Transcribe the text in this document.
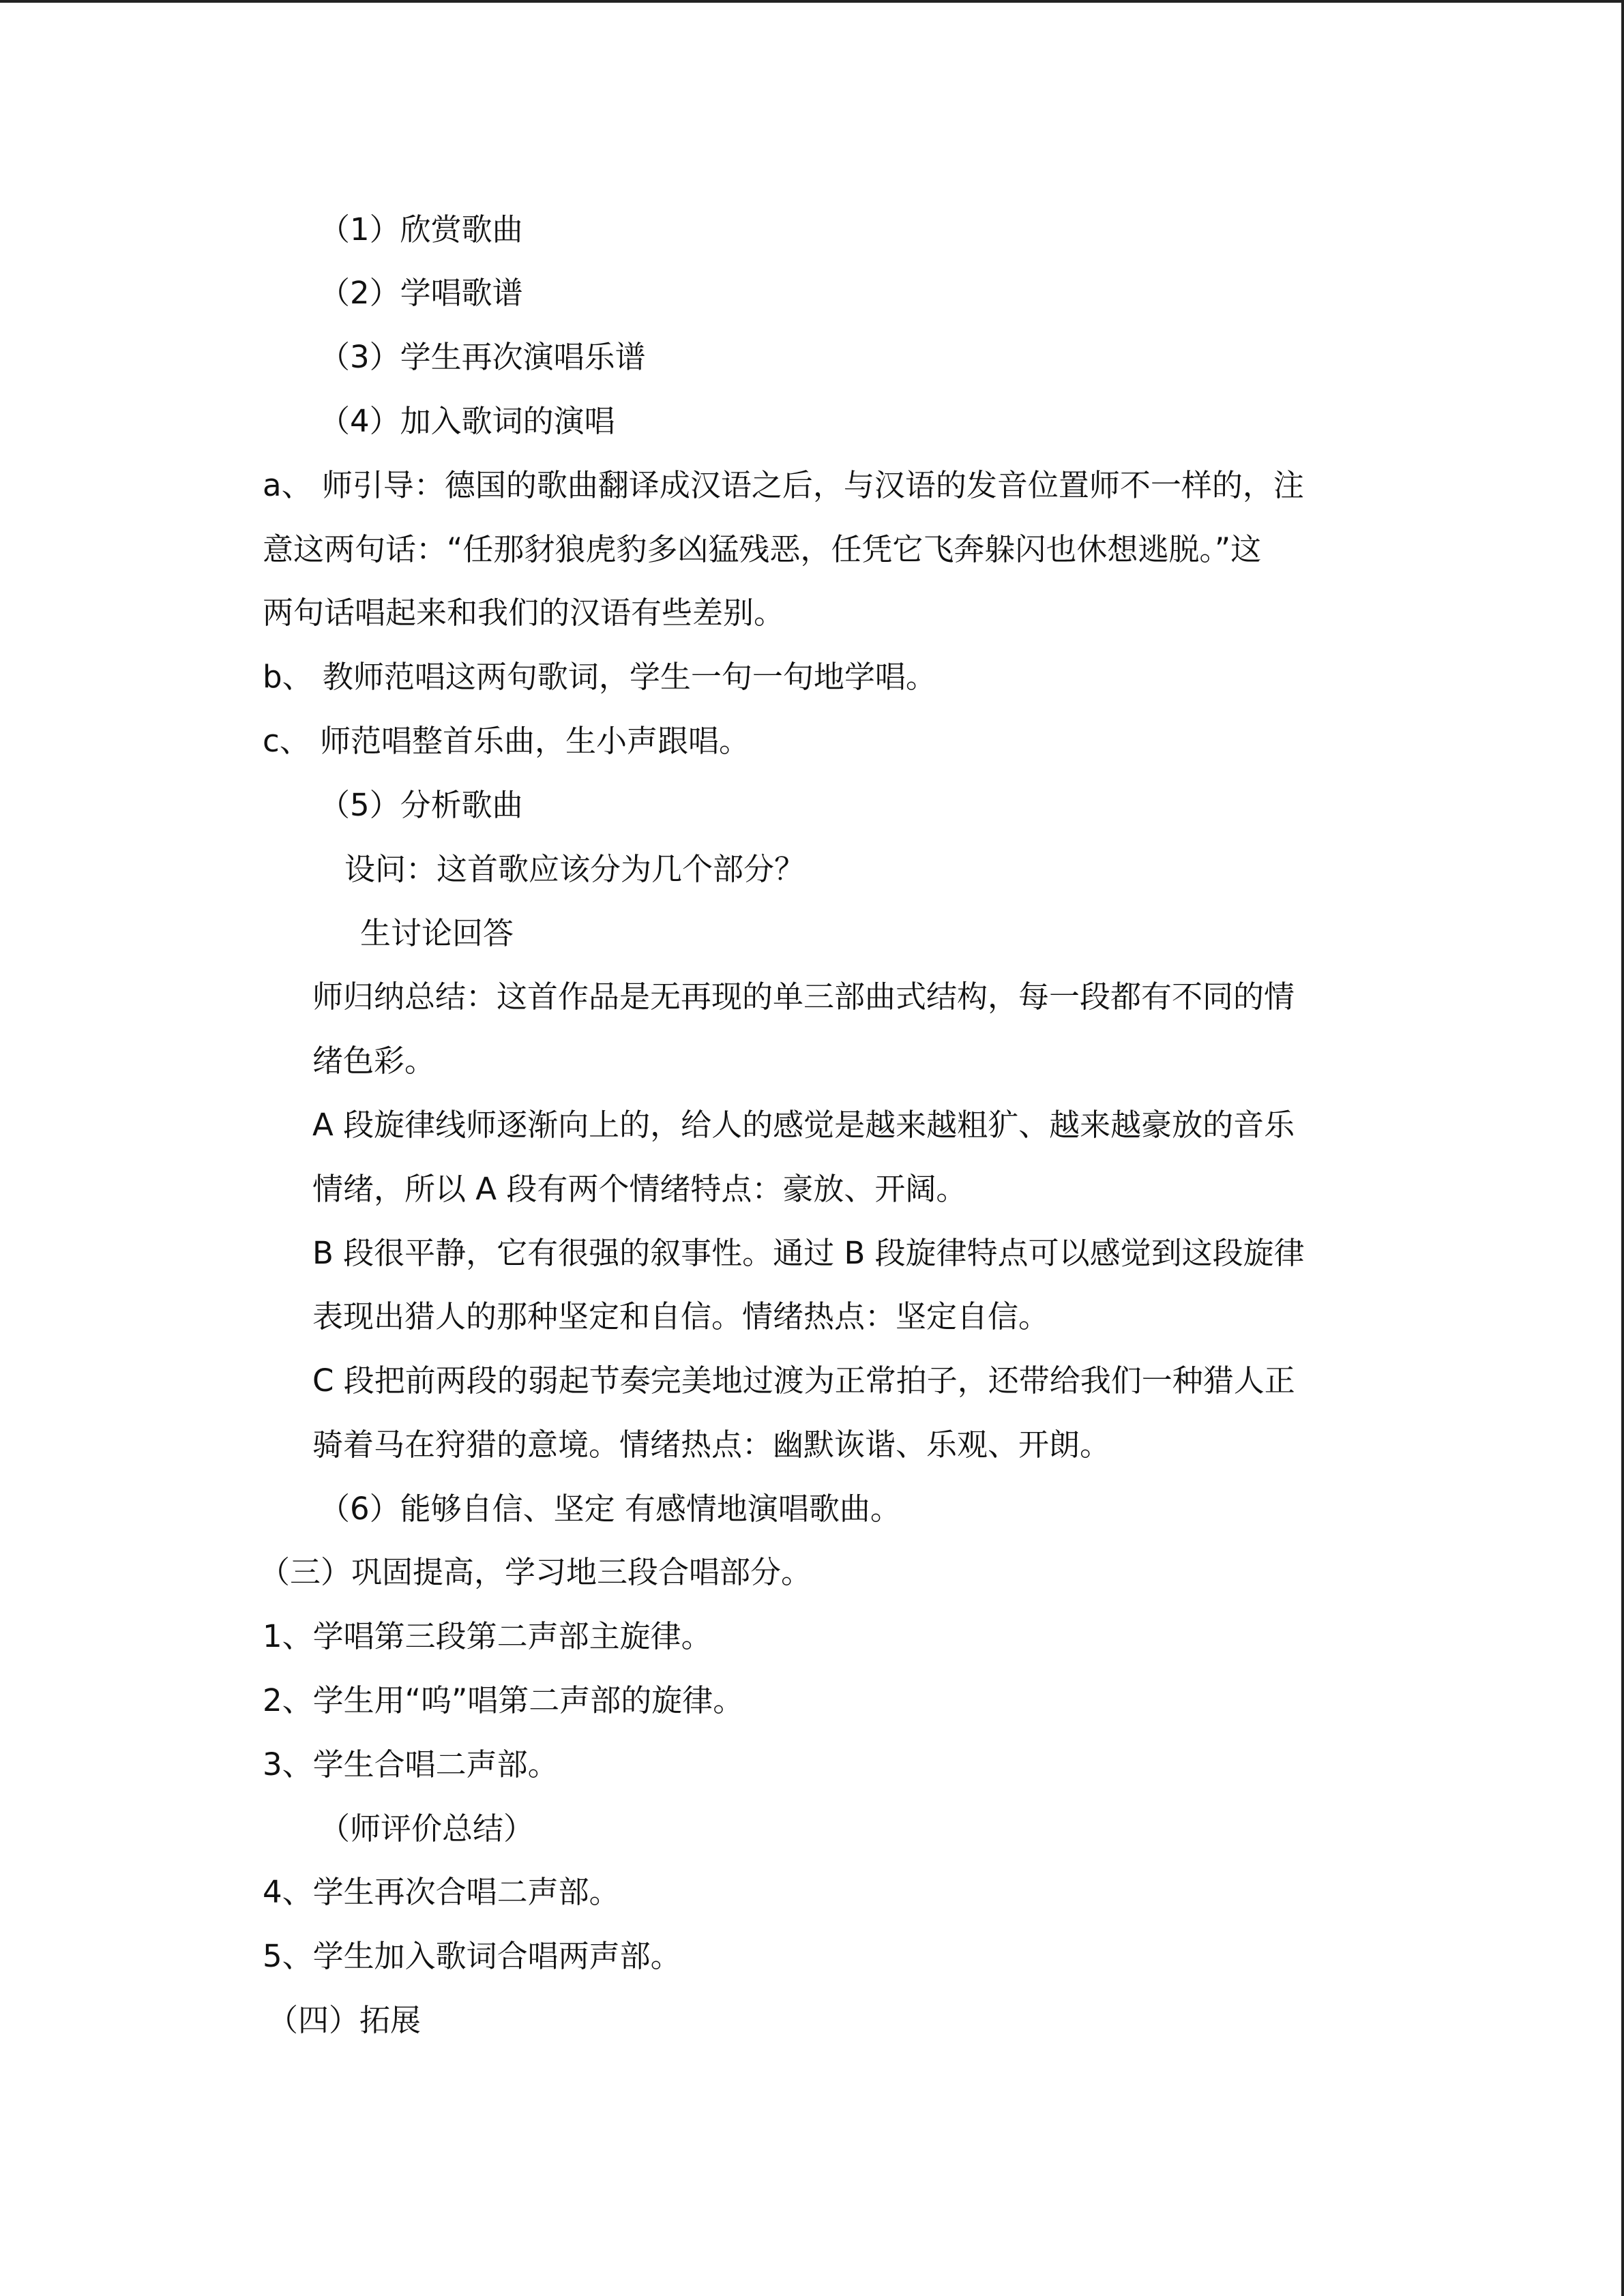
（1）欣赏歌曲
（2）学唱歌谱
（3）学生再次演唱乐谱
（4）加入歌词的演唱
a、 师引导：德国的歌曲翻译成汉语之后，与汉语的发音位置师不一样的，注
意这两句话：“任那豺狼虎豹多凶猛残恶，任凭它飞奔躲闪也休想逃脱。”这
两句话唱起来和我们的汉语有些差别。
b、 教师范唱这两句歌词，学生一句一句地学唱。
c、 师范唱整首乐曲，生小声跟唱。
（5）分析歌曲
设问：这首歌应该分为几个部分？
生讨论回答
师归纳总结：这首作品是无再现的单三部曲式结构，每一段都有不同的情
绪色彩。
A 段旋律线师逐渐向上的，给人的感觉是越来越粗犷、越来越豪放的音乐
情绪，所以 A 段有两个情绪特点：豪放、开阔。
B 段很平静，它有很强的叙事性。通过 B 段旋律特点可以感觉到这段旋律
表现出猎人的那种坚定和自信。情绪热点：坚定自信。
C 段把前两段的弱起节奏完美地过渡为正常拍子，还带给我们一种猎人正
骑着马在狩猎的意境。情绪热点：幽默诙谐、乐观、开朗。
（6）能够自信、坚定 有感情地演唱歌曲。
（三）巩固提高，学习地三段合唱部分。
1、学唱第三段第二声部主旋律。
2、学生用“呜”唱第二声部的旋律。
3、学生合唱二声部。
（师评价总结）
4、学生再次合唱二声部。
5、学生加入歌词合唱两声部。
（四）拓展
